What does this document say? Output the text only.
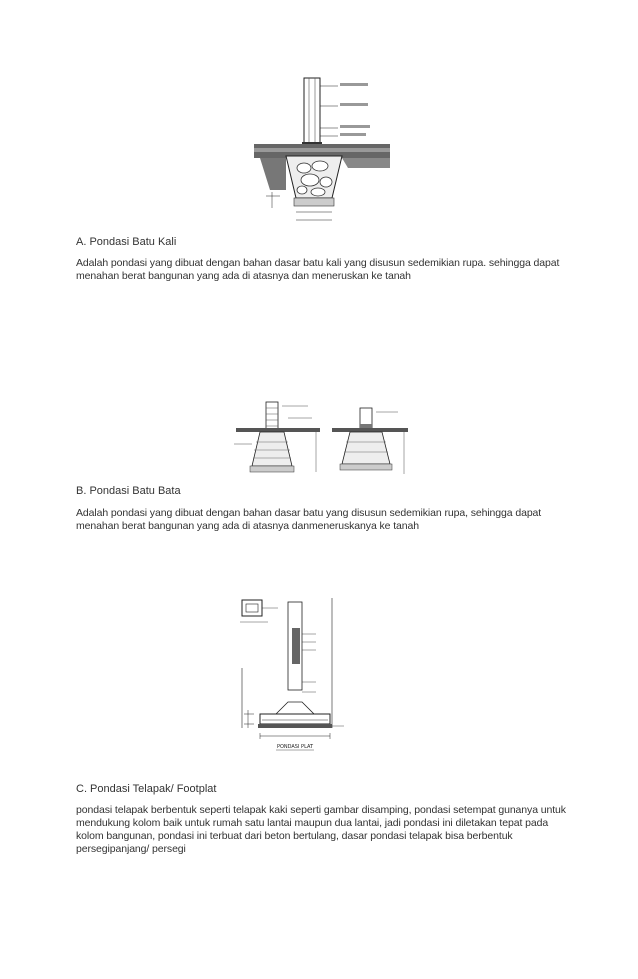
A. Pondasi Batu Kali

Adalah pondasi yang dibuat dengan bahan dasar batu kali yang disusun sedemikian rupa. sehingga dapat menahan berat bangunan yang ada di atasnya dan meneruskan ke tanah

B. Pondasi Batu Bata

Adalah pondasi yang dibuat dengan bahan dasar batu yang disusun sedemikian rupa, sehingga dapat menahan berat bangunan yang ada di atasnya danmeneruskanya ke tanah

PONDASI PLAT
C. Pondasi Telapak/ Footplat

pondasi telapak berbentuk seperti telapak kaki seperti gambar disamping, pondasi setempat gunanya untuk mendukung kolom baik untuk rumah satu lantai maupun dua lantai, jadi pondasi ini diletakan tepat pada kolom bangunan, pondasi ini terbuat dari beton bertulang, dasar pondasi telapak bisa berbentuk persegipanjang/ persegi
